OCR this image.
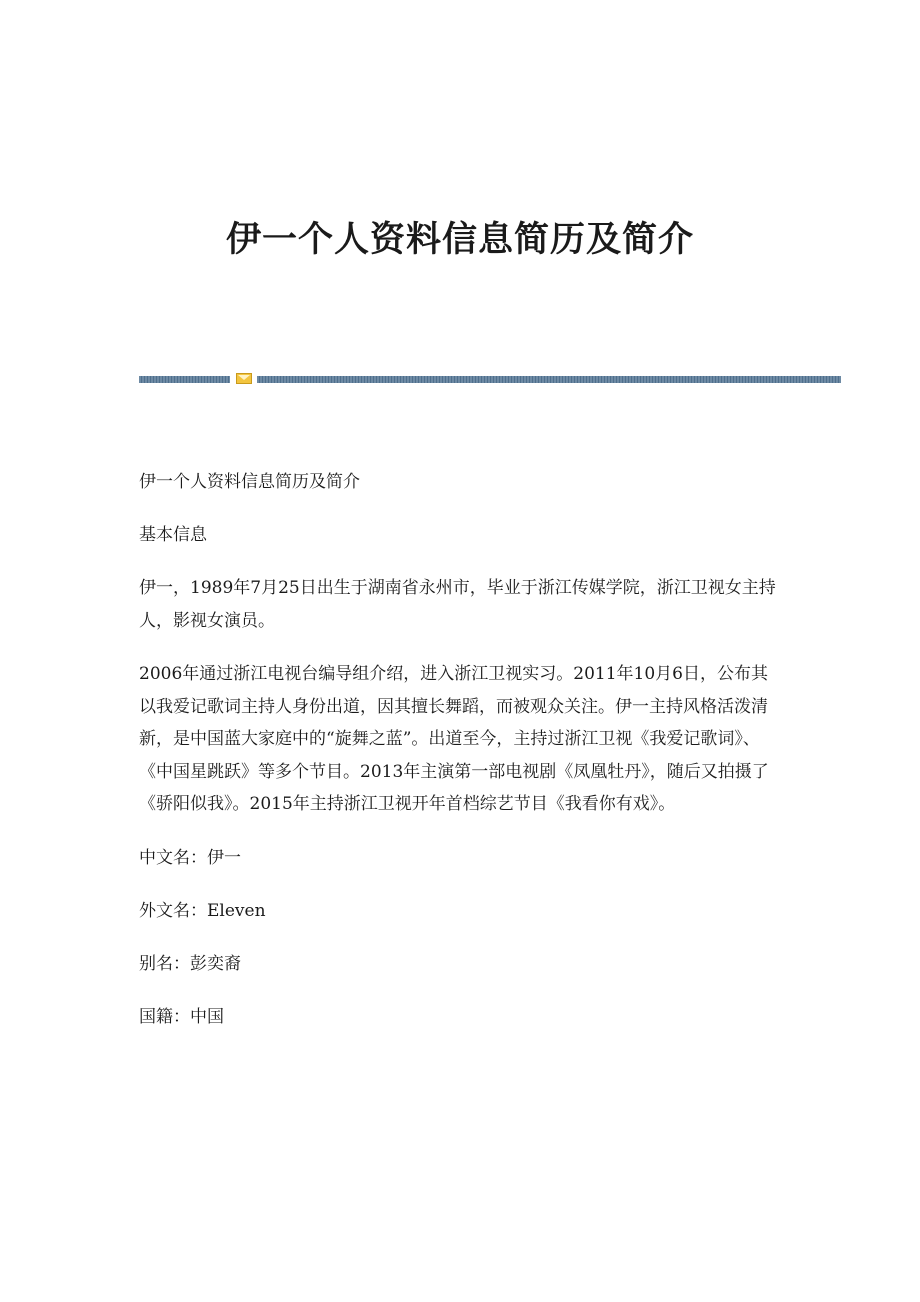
伊一个人资料信息简历及简介

伊一个人资料信息简历及简介

基本信息

伊一，1989年7月25日出生于湖南省永州市，毕业于浙江传媒学院，浙江卫视女主持人，影视女演员。

2006年通过浙江电视台编导组介绍，进入浙江卫视实习。2011年10月6日，公布其以我爱记歌词主持人身份出道，因其擅长舞蹈，而被观众关注。伊一主持风格活泼清新，是中国蓝大家庭中的“旋舞之蓝”。出道至今，主持过浙江卫视《我爱记歌词》、《中国星跳跃》等多个节目。2013年主演第一部电视剧《凤凰牡丹》，随后又拍摄了《骄阳似我》。2015年主持浙江卫视开年首档综艺节目《我看你有戏》。

中文名：伊一

外文名：Eleven

别名：彭奕裔

国籍：中国
